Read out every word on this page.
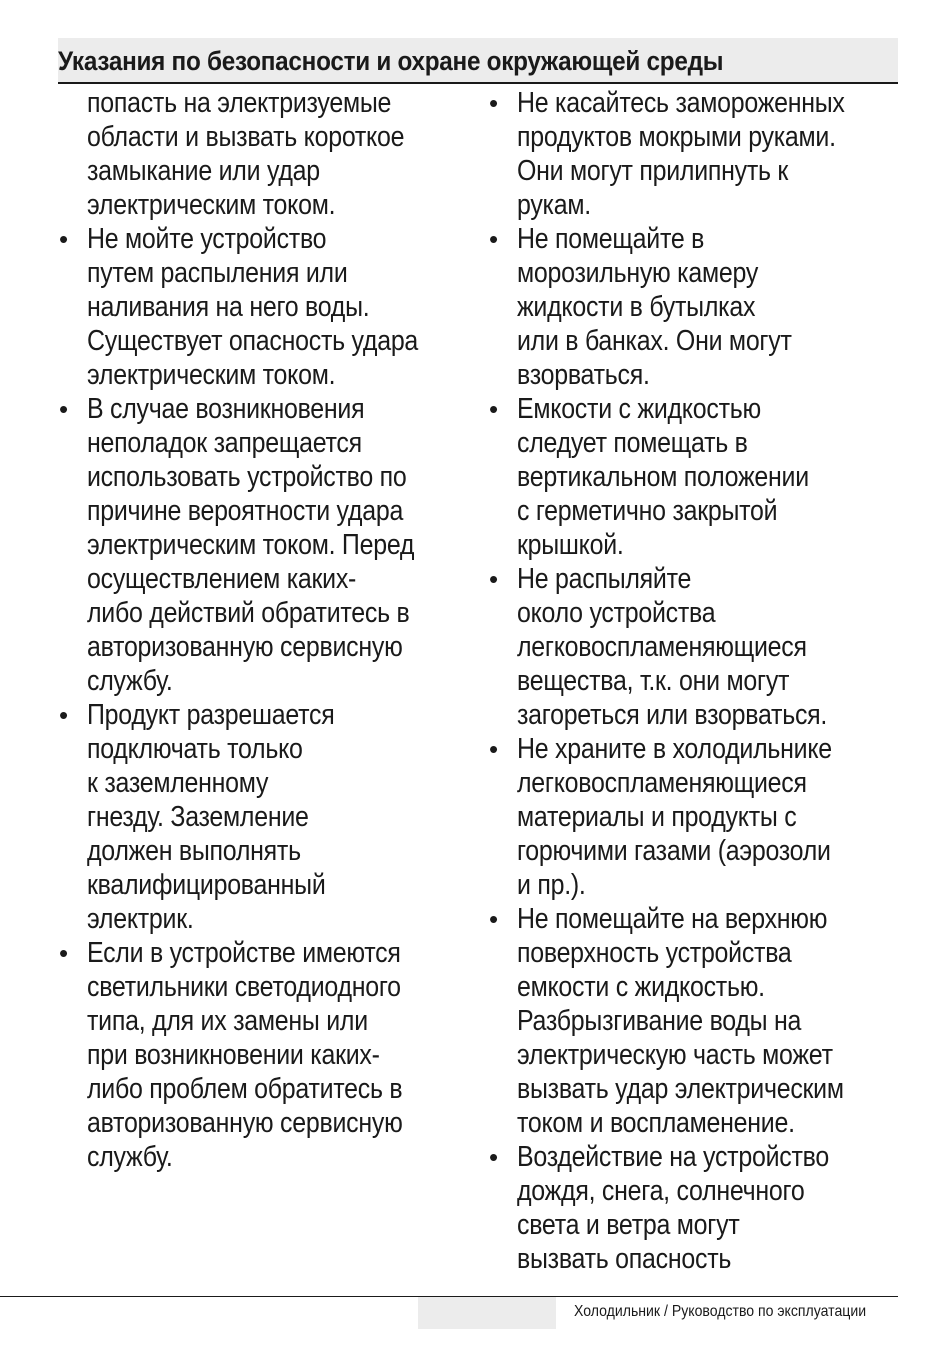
Указания по безопасности и охране окружающей среды
попасть на электризуемые
области и вызвать короткое
замыкание или удар
электрическим током.
• Не мойте устройство
путем распыления или
наливания на него воды.
Существует опасность удара
электрическим током.
• В случае возникновения
неполадок запрещается
использовать устройство по
причине вероятности удара
электрическим током. Перед
осуществлением каких-
либо действий обратитесь в
авторизованную сервисную
службу.
• Продукт разрешается
подключать только
к заземленному
гнезду. Заземление
должен выполнять
квалифицированный
электрик.
• Если в устройстве имеются
светильники светодиодного
типа, для их замены или
при возникновении каких-
либо проблем обратитесь в
авторизованную сервисную
службу.
• Не касайтесь замороженных
продуктов мокрыми руками.
Они могут прилипнуть к
рукам.
• Не помещайте в
морозильную камеру
жидкости в бутылках
или в банках. Они могут
взорваться.
• Емкости с жидкостью
следует помещать в
вертикальном положении
с герметично закрытой
крышкой.
• Не распыляйте
около устройства
легковоспламеняющиеся
вещества, т.к. они могут
загореться или взорваться.
• Не храните в холодильнике
легковоспламеняющиеся
материалы и продукты с
горючими газами (аэрозоли
и пр.).
• Не помещайте на верхнюю
поверхность устройства
емкости с жидкостью.
Разбрызгивание воды на
электрическую часть может
вызвать удар электрическим
током и воспламенение.
• Воздействие на устройство
дождя, снега, солнечного
света и ветра могут
вызвать опасность
Холодильник / Руководство по эксплуатации
